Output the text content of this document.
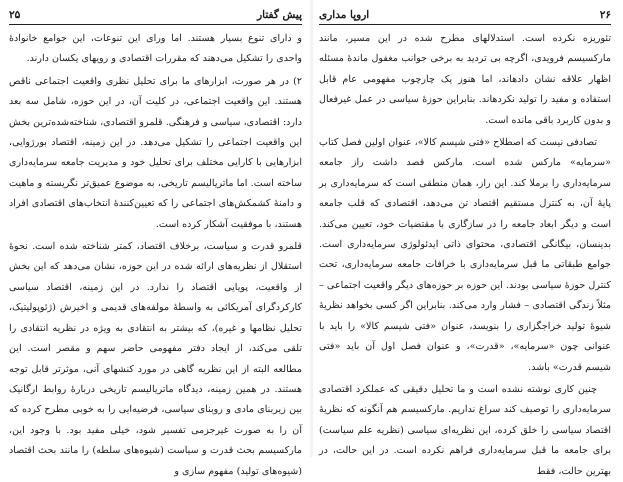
پیش گفتار
۲۵

و دارای تنوع بسیار هستند. اما ورای این تنوعات، این جوامع خانوادهٔ واحدی را تشکیل می‌دهند که مقررات اقتصادی و رویهای یکسان دارند.

۲) در هر صورت، ابزارهای ما برای تحلیل نظری واقعیت اجتماعی ناقص هستند. این واقعیت اجتماعی، در کلیت آن، در این حوزه، شامل سه بعد دارد: اقتصادی، سیاسی و فرهنگی. قلمرو اقتصادی، شناخته‌شده‌ترین بخش این واقعیت اجتماعی را تشکیل می‌دهد. در این زمینه، اقتصاد بورژوایی، ابزارهایی با کارایی مختلف برای تحلیل خود و مدیریت جامعه سرمایه‌داری ساخته است. اما ماتریالیسم تاریخی، به موضوع عمیق‌تر نگریسته و ماهیت و دامنهٔ کشمکش‌های اجتماعی را که تعیین‌کنندهٔ انتخاب‌های اقتصادی افراد هستند، با موفقیت آشکار کرده است.

قلمرو قدرت و سیاست، برخلاف اقتصاد، کمتر شناخته شده است. نحوهٔ استقلال از نظریه‌های ارائه شده در این حوزه، نشان می‌دهد که این بخش از واقعیت، پویایی اقتصاد را ندارد. در این زمینه، اقتصاد سیاسی کارکردگرای آمریکائی به واسطهٔ مولفه‌های قدیمی و اخیرش (ژئوپولیتیک، تحلیل نظامها و غیره)، که بیشتر به انتقادی به ویژه در نظریه انتقادی را تلقی می‌کند، از ایجاد دفتر مفهومی حاضر سهم و مقصر است. این مطالعه البته از این نظریه گاهی در مورد کنشهای آنی، موثرتر قابل توجه هستند. در همین زمینه، دیدگاه ماتریالیسم تاریخی دربارهٔ روابط ارگانیک بین زیربنای مادی و روبنای سیاسی، فرضیه‌ایی را به خوبی مطرح کرده که آن را به صورت غیرجزمی تفسیر شود، خیلی مفید بود. با وجود این، مارکسیسم بحث قدرت و سیاست (شیوه‌های سلطه) را مانند بحث اقتصاد (شیوه‌های تولید) مفهوم سازی و

۲۶
اروپا مداری

تئوریزه نکرده است. استدلالهای مطرح شده در این مسیر، مانند مارکسیسم فرویدی، اگرچه بی تردید به برخی جوانب مغفول ماندهٔ مسئله اظهار علاقه نشان دادهاند، اما هنوز یک چارچوب مفهومی عام قابل استفاده و مفید را تولید نکردهاند. بنابراین حوزهٔ سیاسی در عمل غیرفعال و بدون کاربرد باقی مانده است.

تصادفی نیست که اصطلاح «فتی شیسم کالا»، عنوان اولین فصل کتاب «سرمایه» مارکس شده است. مارکس قصد داشت راز جامعه سرمایه‌داری را برملا کند. این راز، همان منطقی است که سرمایه‌داری بر پایهٔ آن، به کنترل مستقیم اقتصاد تن می‌دهد، اقتصادی که قلب جامعه است و دیگر ابعاد جامعه را در سازگاری با مقتضیات خود، تعیین می‌کند. بدینسان، بیگانگی اقتصادی، محتوای ذاتی ایدئولوژی سرمایه‌داری است. جوامع طبقاتی ما قبل سرمایه‌داری با خرافات جامعه سرمایه‌داری، تحت کنترل حوزهٔ سیاسی بودند. این حوزه بر حوزه‌های دیگر واقعیت اجتماعی – مثلاً زندگی اقتصادی – فشار وارد می‌کند. بنابراین اگر کسی بخواهد نظریهٔ شیوهٔ تولید خراجگزاری را بنویسد، عنوان «فتی شیسم کالا» را باید با عنوانی چون «سرمایه»، «قدرت»، و عنوان فصل اول آن باید «فتی شیسم قدرت» باشد.

چنین کاری نوشته نشده است و ما تحلیل دقیقی که عملکرد اقتصادی سرمایه‌داری را توصیف کند سراغ نداریم. مارکسیسم هم آنگونه که نظریهٔ اقتصاد سیاسی را خلق کرده، این نظریه‌ای سیاسی (نظریه علم سیاست) برای جامعه ما قبل سرمایه‌داری فراهم نکرده است. در این حالت، در بهترین حالت، فقط
